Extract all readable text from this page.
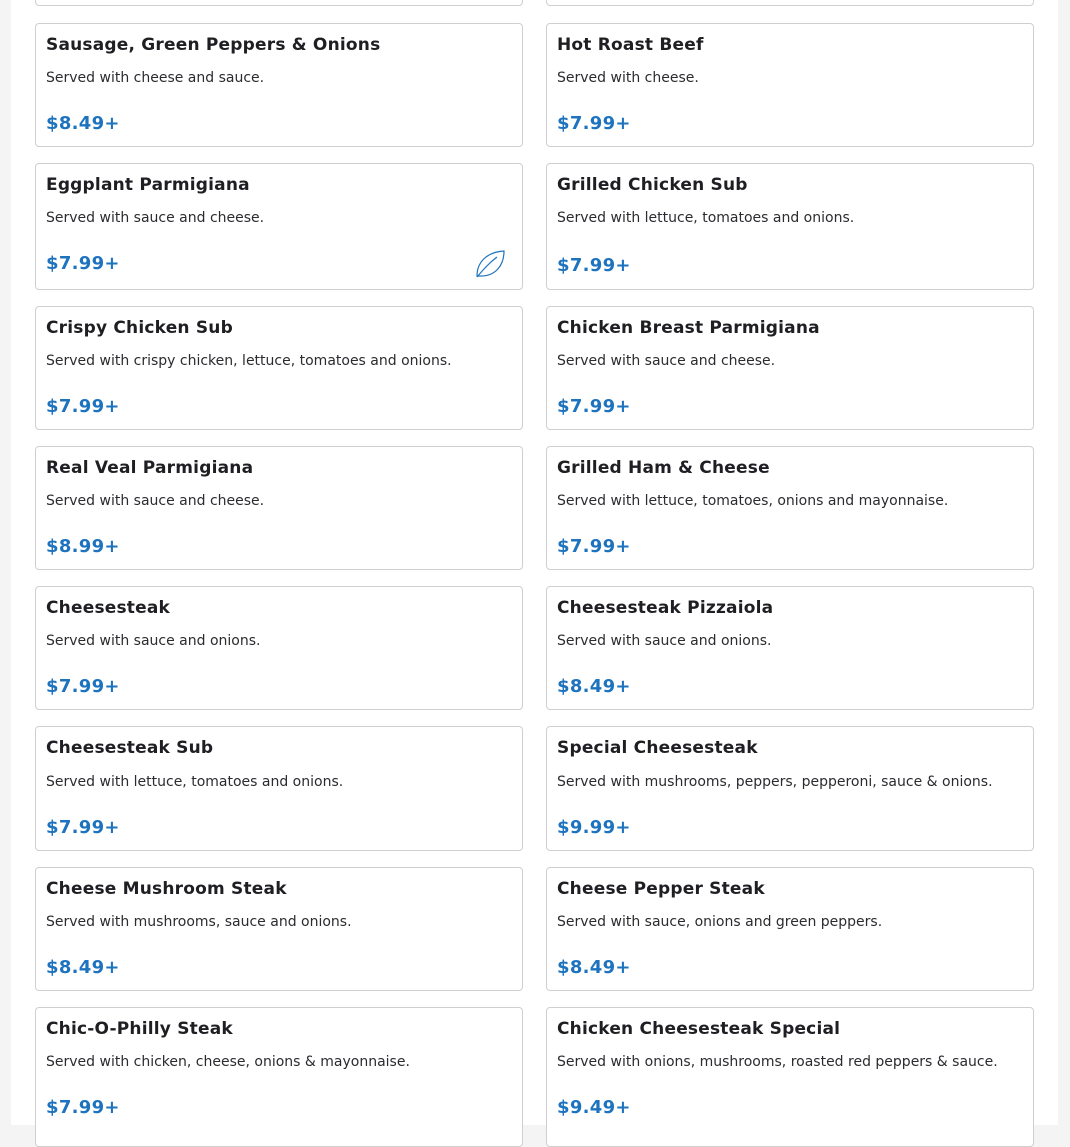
Sausage, Green Peppers & Onions
Served with cheese and sauce.
$8.49+
Hot Roast Beef
Served with cheese.
$7.99+
Eggplant Parmigiana
Served with sauce and cheese.
$7.99+
Grilled Chicken Sub
Served with lettuce, tomatoes and onions.
$7.99+
Crispy Chicken Sub
Served with crispy chicken, lettuce, tomatoes and onions.
$7.99+
Chicken Breast Parmigiana
Served with sauce and cheese.
$7.99+
Real Veal Parmigiana
Served with sauce and cheese.
$8.99+
Grilled Ham & Cheese
Served with lettuce, tomatoes, onions and mayonnaise.
$7.99+
Cheesesteak
Served with sauce and onions.
$7.99+
Cheesesteak Pizzaiola
Served with sauce and onions.
$8.49+
Cheesesteak Sub
Served with lettuce, tomatoes and onions.
$7.99+
Special Cheesesteak
Served with mushrooms, peppers, pepperoni, sauce & onions.
$9.99+
Cheese Mushroom Steak
Served with mushrooms, sauce and onions.
$8.49+
Cheese Pepper Steak
Served with sauce, onions and green peppers.
$8.49+
Chic-O-Philly Steak
Served with chicken, cheese, onions & mayonnaise.
$7.99+
Chicken Cheesesteak Special
Served with onions, mushrooms, roasted red peppers & sauce.
$9.49+
